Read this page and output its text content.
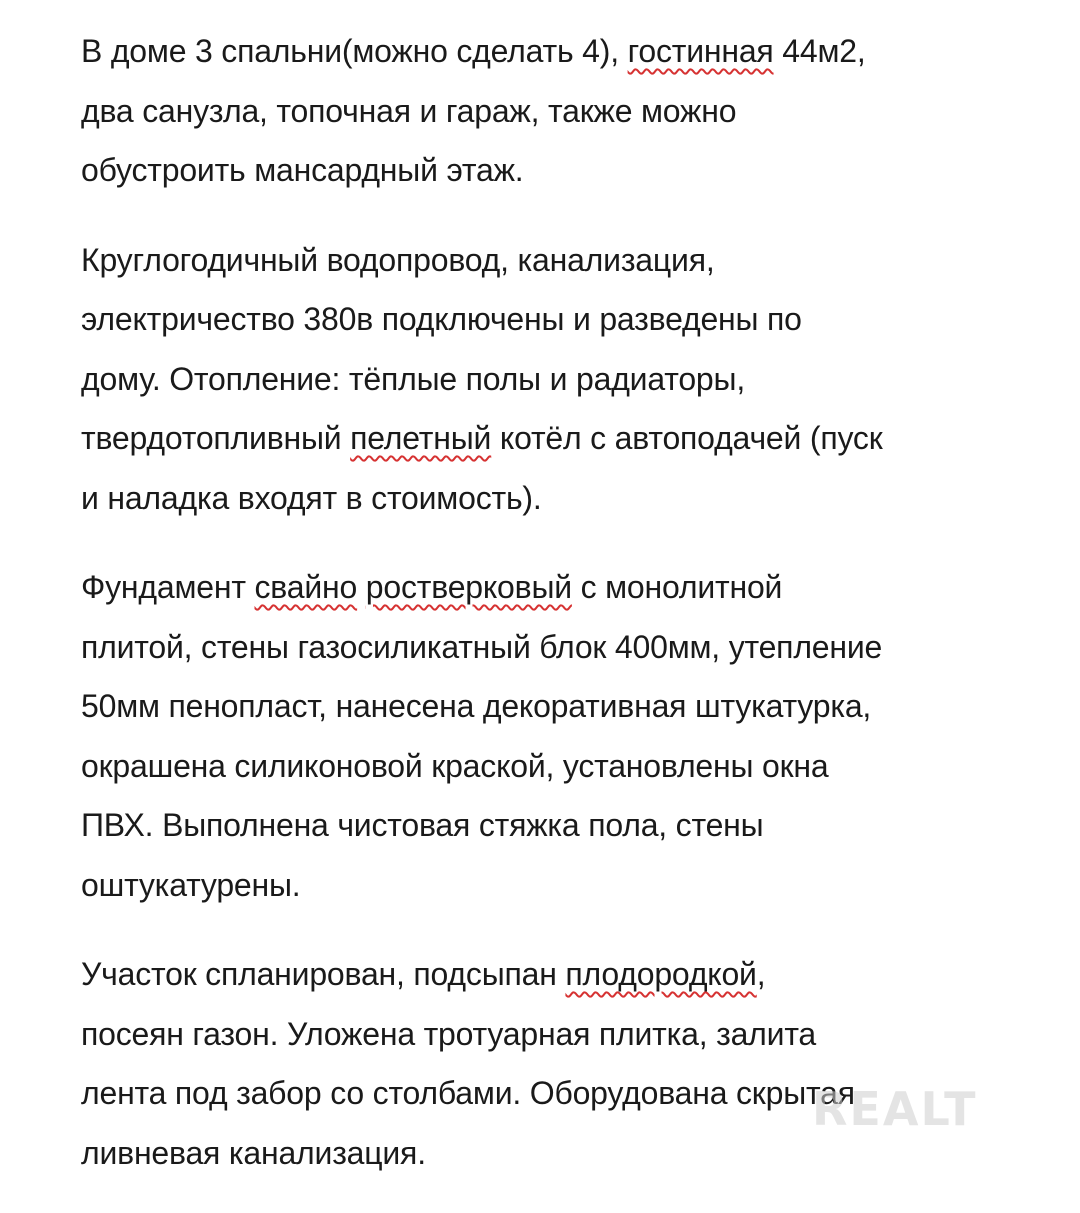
В доме 3 спальни(можно сделать 4), гостинная 44м2,
два санузла, топочная и гараж, также можно
обустроить мансардный этаж.
Круглогодичный водопровод, канализация,
электричество 380в подключены и разведены по
дому. Отопление: тёплые полы и радиаторы,
твердотопливный пелетный котёл с автоподачей (пуск
и наладка входят в стоимость).
Фундамент свайно ростверковый с монолитной
плитой, стены газосиликатный блок 400мм, утепление
50мм пенопласт, нанесена декоративная штукатурка,
окрашена силиконовой краской, установлены окна
ПВХ. Выполнена чистовая стяжка пола, стены
оштукатурены.
Участок спланирован, подсыпан плодородкой,
посеян газон. Уложена тротуарная плитка, залита
лента под забор со столбами. Оборудована скрытая
ливневая канализация.
REALT
